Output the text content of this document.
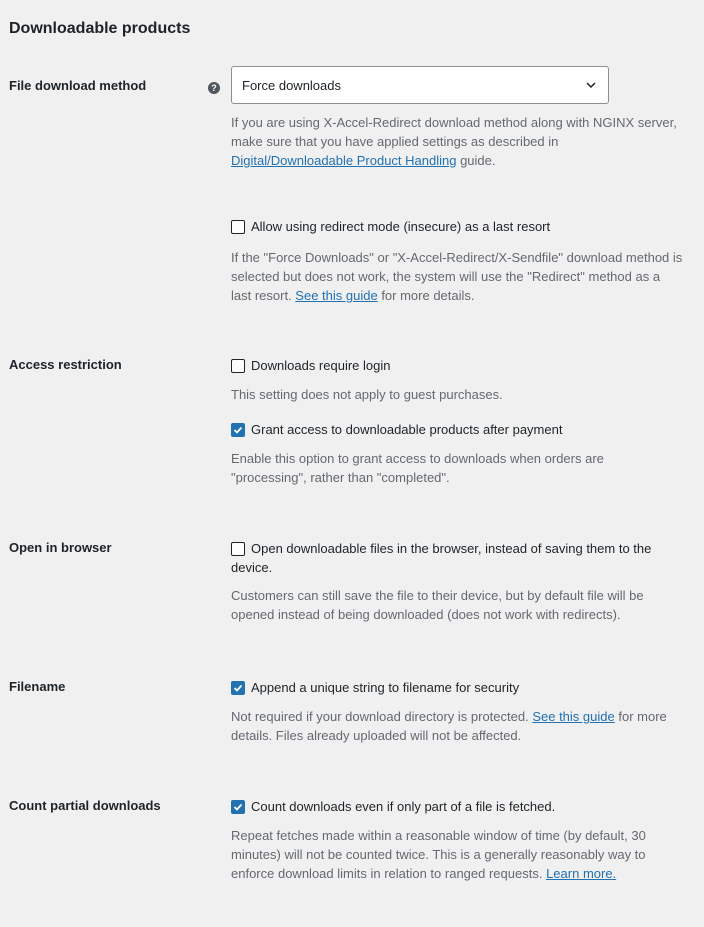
Downloadable products
File download method	? Force downloads

If you are using X-Accel-Redirect download method along with NGINX server, make sure that you have applied settings as described in Digital/Downloadable Product Handling guide.

Allow using redirect mode (insecure) as a last resort

If the "Force Downloads" or "X-Accel-Redirect/X-Sendfile" download method is selected but does not work, the system will use the "Redirect" method as a last resort. See this guide for more details.

Access restriction	Downloads require login

This setting does not apply to guest purchases.

Grant access to downloadable products after payment

Enable this option to grant access to downloads when orders are "processing", rather than "completed".

Open in browser	Open downloadable files in the browser, instead of saving them to the device.

Customers can still save the file to their device, but by default file will be opened instead of being downloaded (does not work with redirects).

Filename	Append a unique string to filename for security

Not required if your download directory is protected. See this guide for more details. Files already uploaded will not be affected.

Count partial downloads	Count downloads even if only part of a file is fetched.

Repeat fetches made within a reasonable window of time (by default, 30 minutes) will not be counted twice. This is a generally reasonably way to enforce download limits in relation to ranged requests. Learn more.
